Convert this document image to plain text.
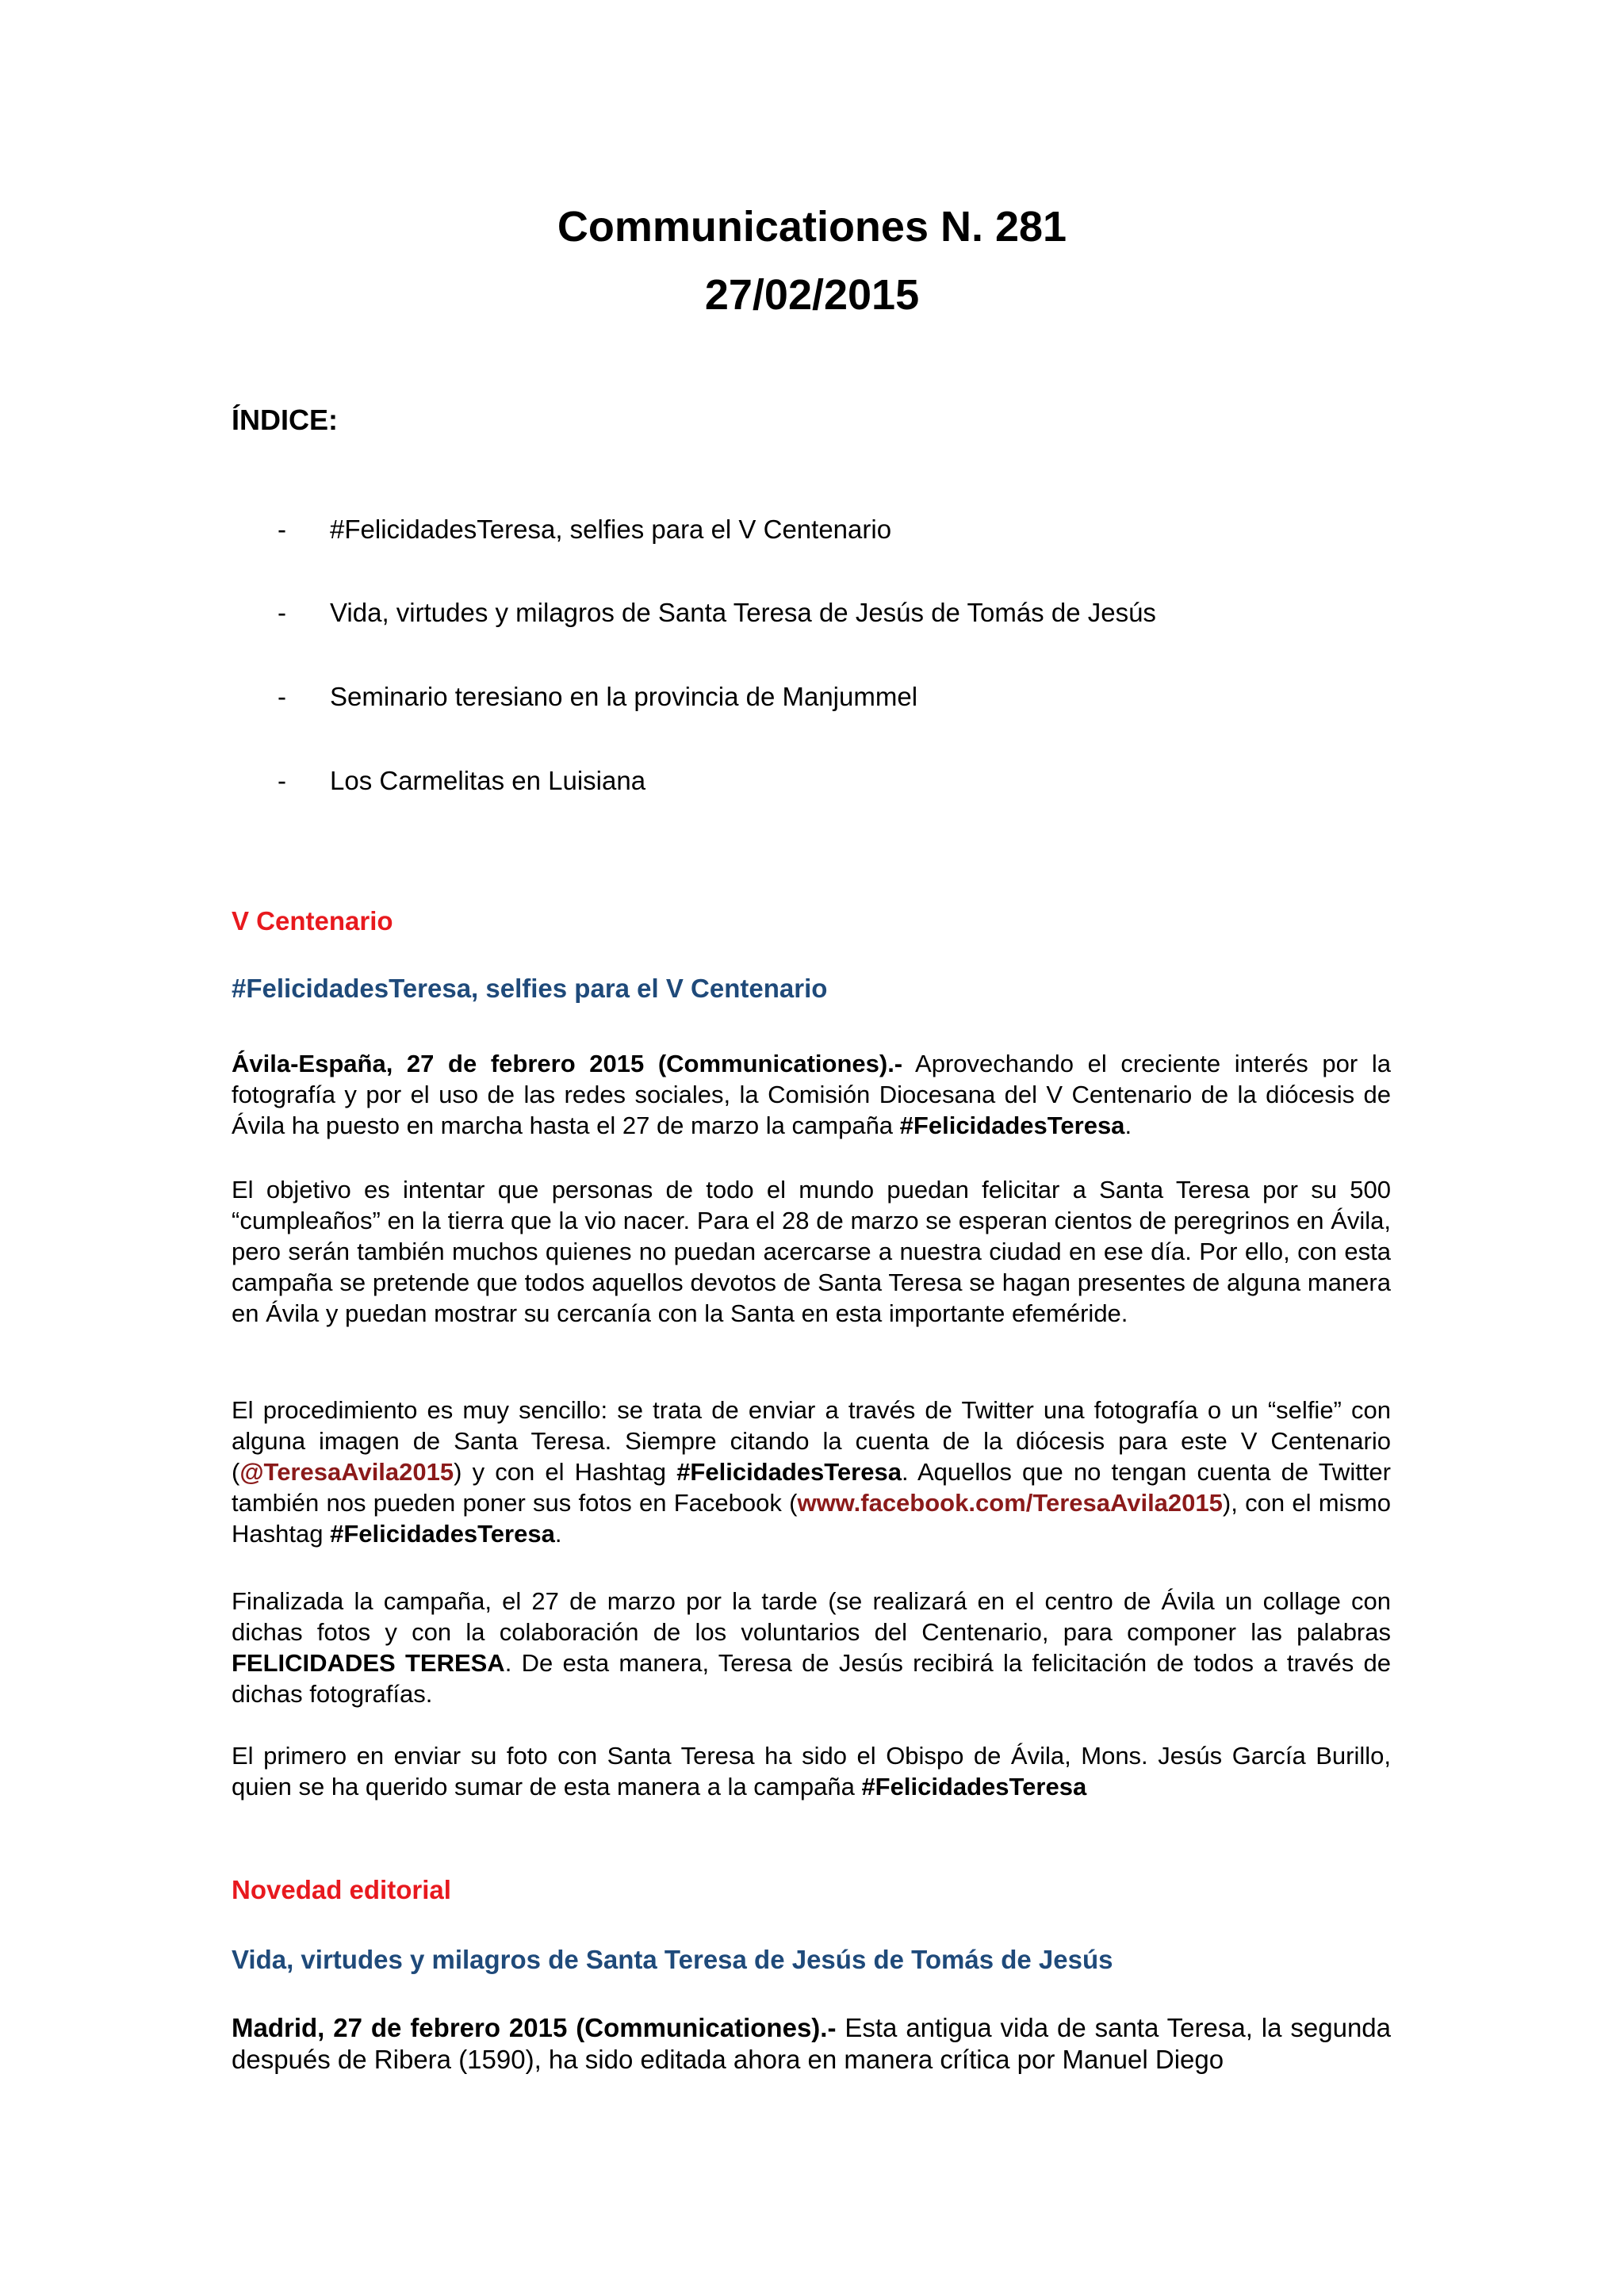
Communicationes N. 281
27/02/2015
ÍNDICE:
- #FelicidadesTeresa, selfies para el V Centenario
- Vida, virtudes y milagros de Santa Teresa de Jesús de Tomás de Jesús
- Seminario teresiano en la provincia de Manjummel
- Los Carmelitas en Luisiana
V Centenario
#FelicidadesTeresa, selfies para el V Centenario
Ávila-España, 27 de febrero 2015 (Communicationes).- Aprovechando el creciente interés por la fotografía y por el uso de las redes sociales, la Comisión Diocesana del V Centenario de la diócesis de Ávila ha puesto en marcha hasta el 27 de marzo la campaña #FelicidadesTeresa.
El objetivo es intentar que personas de todo el mundo puedan felicitar a Santa Teresa por su 500 “cumpleaños” en la tierra que la vio nacer. Para el 28 de marzo se esperan cientos de peregrinos en Ávila, pero serán también muchos quienes no puedan acercarse a nuestra ciudad en ese día. Por ello, con esta campaña se pretende que todos aquellos devotos de Santa Teresa se hagan presentes de alguna manera en Ávila y puedan mostrar su cercanía con la Santa en esta importante efeméride.
El procedimiento es muy sencillo: se trata de enviar a través de Twitter una fotografía o un “selfie” con alguna imagen de Santa Teresa. Siempre citando la cuenta de la diócesis para este V Centenario (@TeresaAvila2015) y con el Hashtag #FelicidadesTeresa. Aquellos que no tengan cuenta de Twitter también nos pueden poner sus fotos en Facebook (www.facebook.com/TeresaAvila2015), con el mismo Hashtag #FelicidadesTeresa.
Finalizada la campaña, el 27 de marzo por la tarde (se realizará en el centro de Ávila un collage con dichas fotos y con la colaboración de los voluntarios del Centenario, para componer las palabras FELICIDADES TERESA. De esta manera, Teresa de Jesús recibirá la felicitación de todos a través de dichas fotografías.
El primero en enviar su foto con Santa Teresa ha sido el Obispo de Ávila, Mons. Jesús García Burillo, quien se ha querido sumar de esta manera a la campaña #FelicidadesTeresa
Novedad editorial
Vida, virtudes y milagros de Santa Teresa de Jesús de Tomás de Jesús
Madrid, 27 de febrero 2015 (Communicationes).- Esta antigua vida de santa Teresa, la segunda después de Ribera (1590), ha sido editada ahora en manera crítica por Manuel Diego
